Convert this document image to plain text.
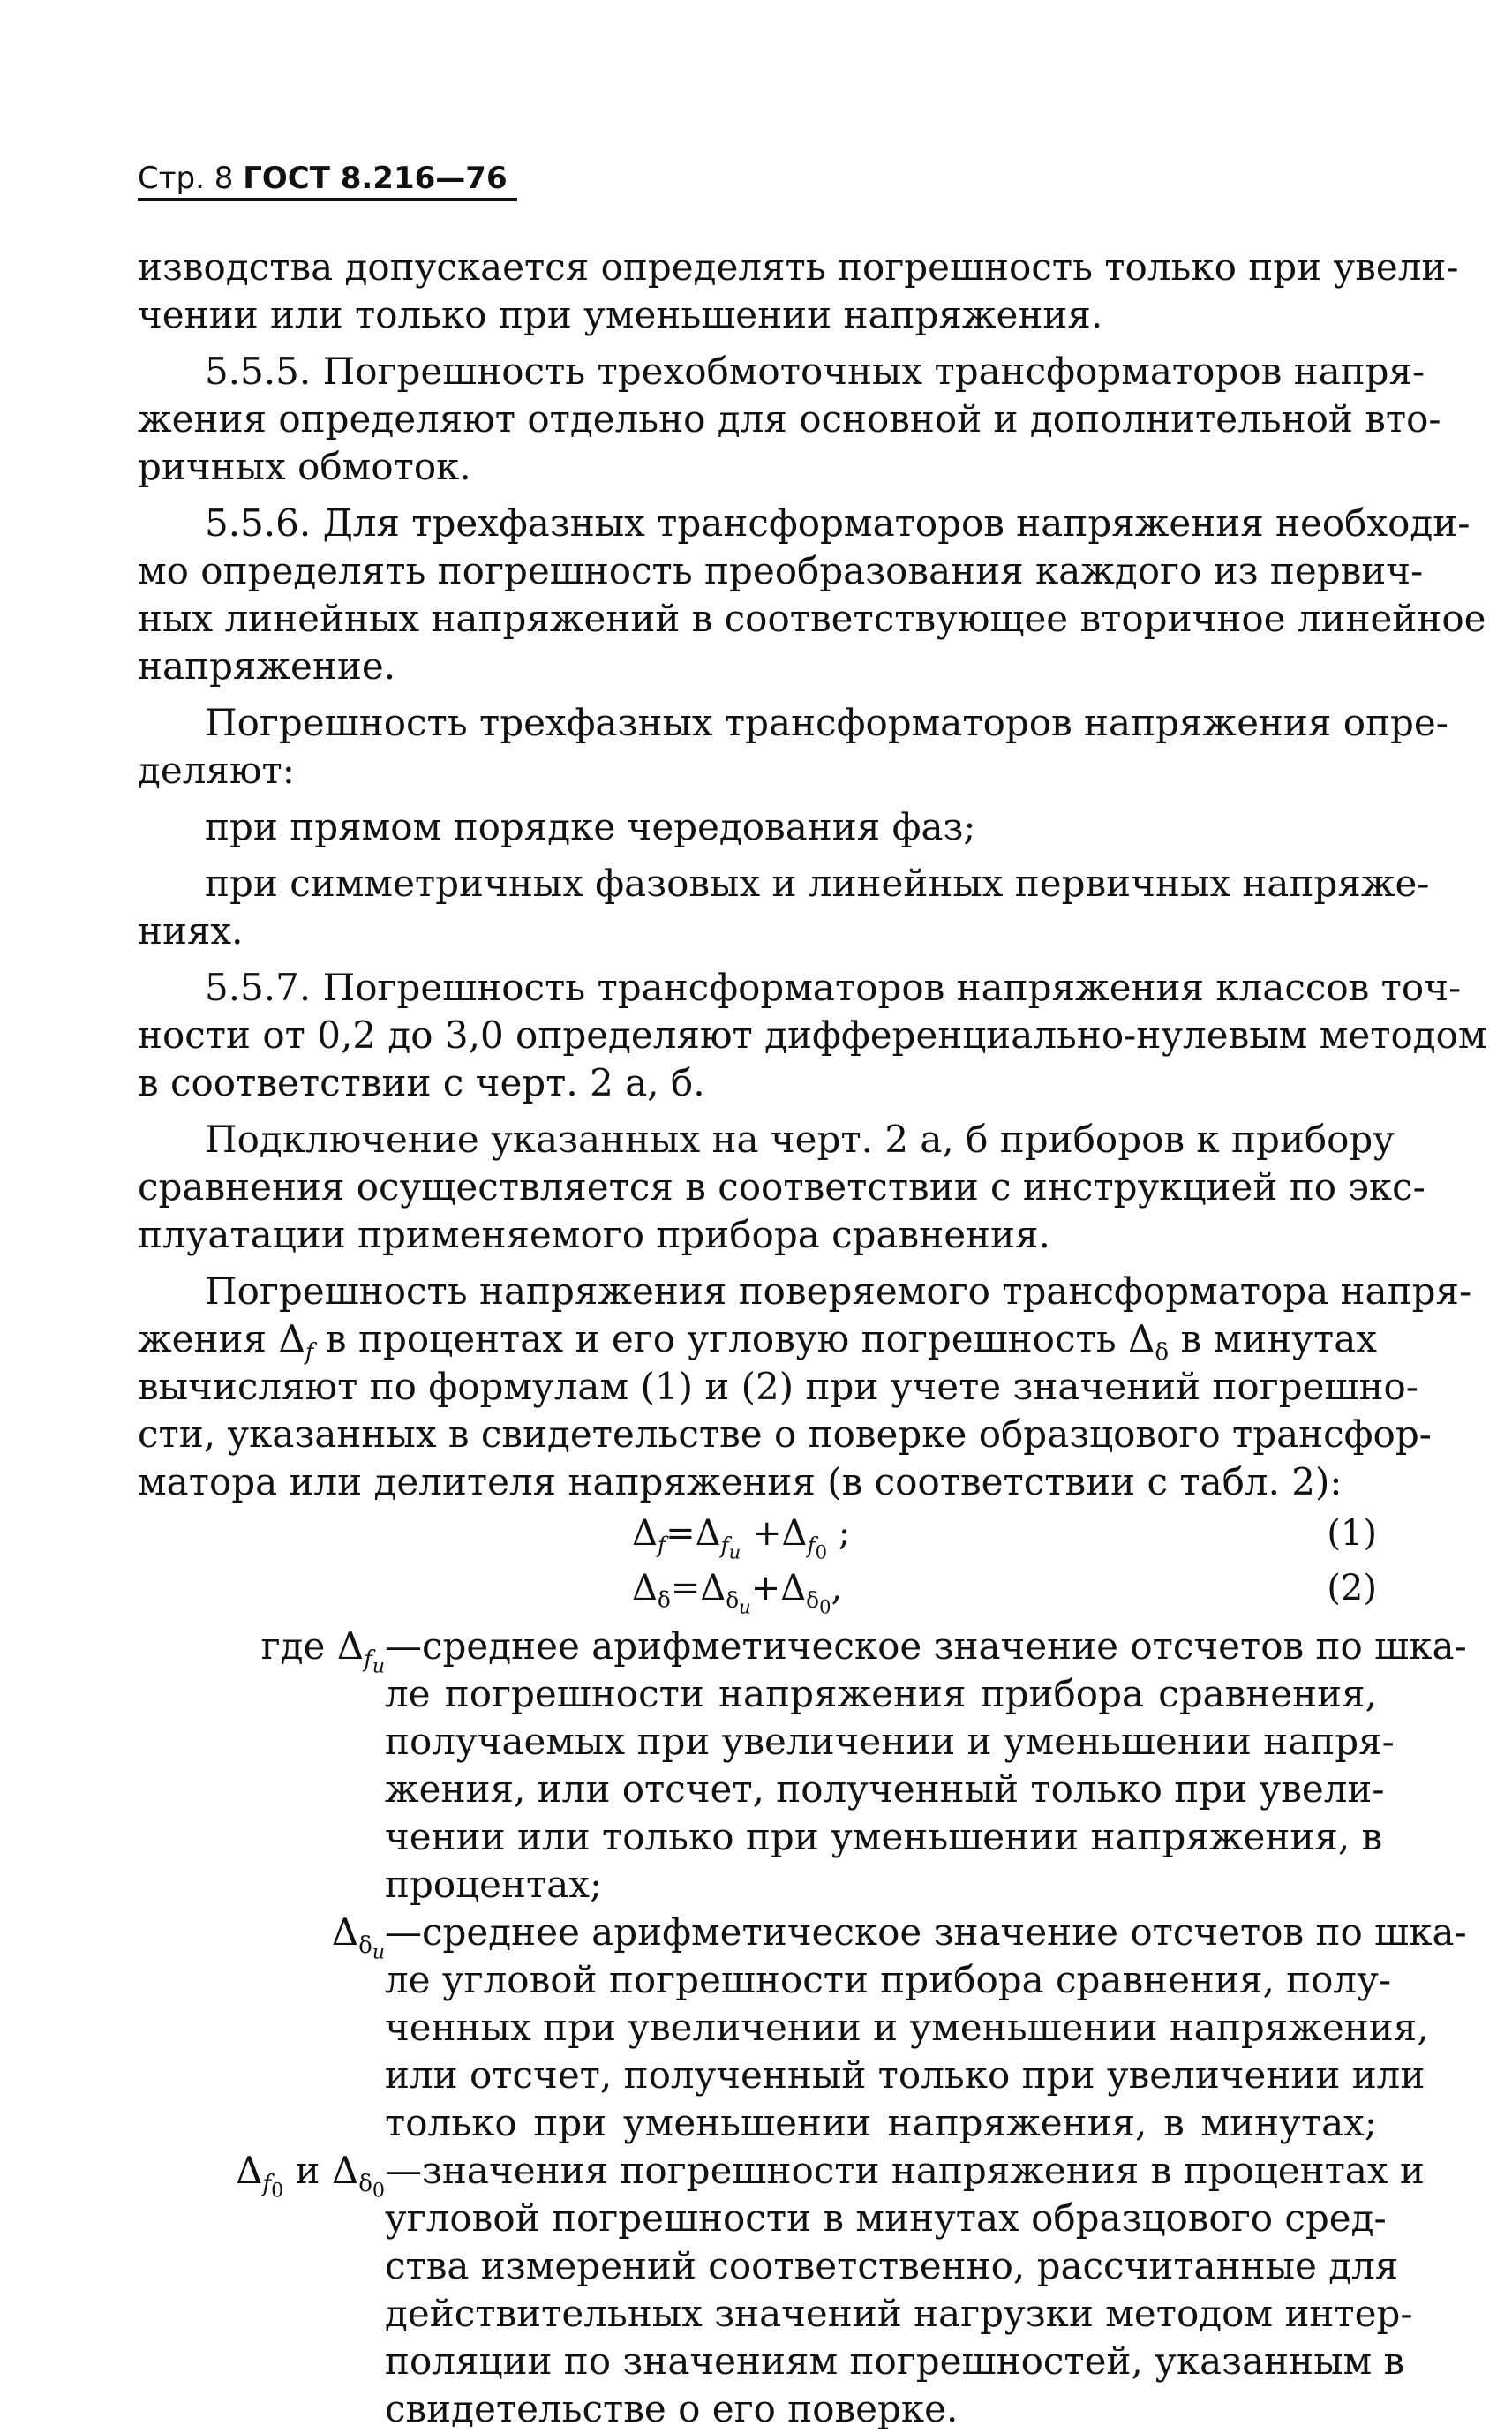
Стр. 8 ГОСТ 8.216—76
изводства допускается определять погрешность только при увели-
чении или только при уменьшении напряжения.
5.5.5. Погрешность трехобмоточных трансформаторов напря-
жения определяют отдельно для основной и дополнительной вто-
ричных обмоток.
5.5.6. Для трехфазных трансформаторов напряжения необходи-
мо определять погрешность преобразования каждого из первич-
ных линейных напряжений в соответствующее вторичное линейное
напряжение.
Погрешность трехфазных трансформаторов напряжения опре-
деляют:
при прямом порядке чередования фаз;
при симметричных фазовых и линейных первичных напряже-
ниях.
5.5.7. Погрешность трансформаторов напряжения классов точ-
ности от 0,2 до 3,0 определяют дифференциально-нулевым методом
в соответствии с черт. 2 а, б.
Подключение указанных на черт. 2 а, б приборов к прибору
сравнения осуществляется в соответствии с инструкцией по экс-
плуатации применяемого прибора сравнения.
Погрешность напряжения поверяемого трансформатора напря-
жения $\Delta_f$ в процентах и его угловую погрешность $\Delta_\delta$ в минутах
вычисляют по формулам (1) и (2) при учете значений погрешно-
сти, указанных в свидетельстве о поверке образцового трансфор-
матора или делителя напряжения (в соответствии с табл. 2):
$\Delta_f=\Delta_{f_u} +\Delta_{f_0}$ ;	(1)
$\Delta_\delta=\Delta_{\delta_u}+\Delta_{\delta_0}$,	(2)
где $\Delta_{f_u}$ —среднее арифметическое значение отсчетов по шка-
ле погрешности напряжения прибора сравнения,
получаемых при увеличении и уменьшении напря-
жения, или отсчет, полученный только при увели-
чении или только при уменьшении напряжения, в
процентах;
$\Delta_{\delta_u}$ —среднее арифметическое значение отсчетов по шка-
ле угловой погрешности прибора сравнения, полу-
ченных при увеличении и уменьшении напряжения,
или отсчет, полученный только при увеличении или
только при уменьшении напряжения, в минутах;
$\Delta_{f_0}$ и $\Delta_{\delta_0}$ —значения погрешности напряжения в процентах и
угловой погрешности в минутах образцового сред-
ства измерений соответственно, рассчитанные для
действительных значений нагрузки методом интер-
поляции по значениям погрешностей, указанным в
свидетельстве о его поверке.
